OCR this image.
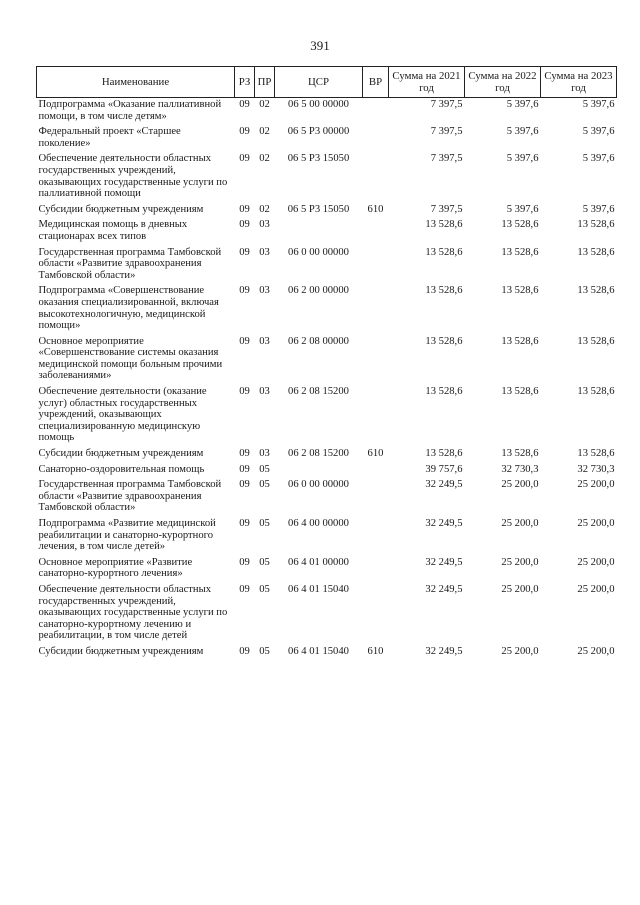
391
Наименование	РЗ	ПР	ЦСР	ВР	Сумма на 2021 год	Сумма на 2022 год	Сумма на 2023 год
Подпрограмма «Оказание паллиативной помощи, в том числе детям»	09	02	06 5 00 00000		7 397,5	5 397,6	5 397,6
Федеральный проект «Старшее поколение»	09	02	06 5 P3 00000		7 397,5	5 397,6	5 397,6
Обеспечение деятельности областных государственных учреждений, оказывающих государственные услуги по паллиативной помощи	09	02	06 5 P3 15050		7 397,5	5 397,6	5 397,6
Субсидии бюджетным учреждениям	09	02	06 5 P3 15050	610	7 397,5	5 397,6	5 397,6
Медицинская помощь в дневных стационарах всех типов	09	03			13 528,6	13 528,6	13 528,6
Государственная программа Тамбовской области «Развитие здравоохранения Тамбовской области»	09	03	06 0 00 00000		13 528,6	13 528,6	13 528,6
Подпрограмма «Совершенствование оказания специализированной, включая высокотехнологичную, медицинской помощи»	09	03	06 2 00 00000		13 528,6	13 528,6	13 528,6
Основное мероприятие «Совершенствование системы оказания медицинской помощи больным прочими заболеваниями»	09	03	06 2 08 00000		13 528,6	13 528,6	13 528,6
Обеспечение деятельности (оказание услуг) областных государственных учреждений, оказывающих специализированную медицинскую помощь	09	03	06 2 08 15200		13 528,6	13 528,6	13 528,6
Субсидии бюджетным учреждениям	09	03	06 2 08 15200	610	13 528,6	13 528,6	13 528,6
Санаторно-оздоровительная помощь	09	05			39 757,6	32 730,3	32 730,3
Государственная программа Тамбовской области «Развитие здравоохранения Тамбовской области»	09	05	06 0 00 00000		32 249,5	25 200,0	25 200,0
Подпрограмма «Развитие медицинской реабилитации и санаторно-курортного лечения, в том числе детей»	09	05	06 4 00 00000		32 249,5	25 200,0	25 200,0
Основное мероприятие «Развитие санаторно-курортного лечения»	09	05	06 4 01 00000		32 249,5	25 200,0	25 200,0
Обеспечение деятельности областных государственных учреждений, оказывающих государственные услуги по санаторно-курортному лечению и реабилитации, в том числе детей	09	05	06 4 01 15040		32 249,5	25 200,0	25 200,0
Субсидии бюджетным учреждениям	09	05	06 4 01 15040	610	32 249,5	25 200,0	25 200,0
